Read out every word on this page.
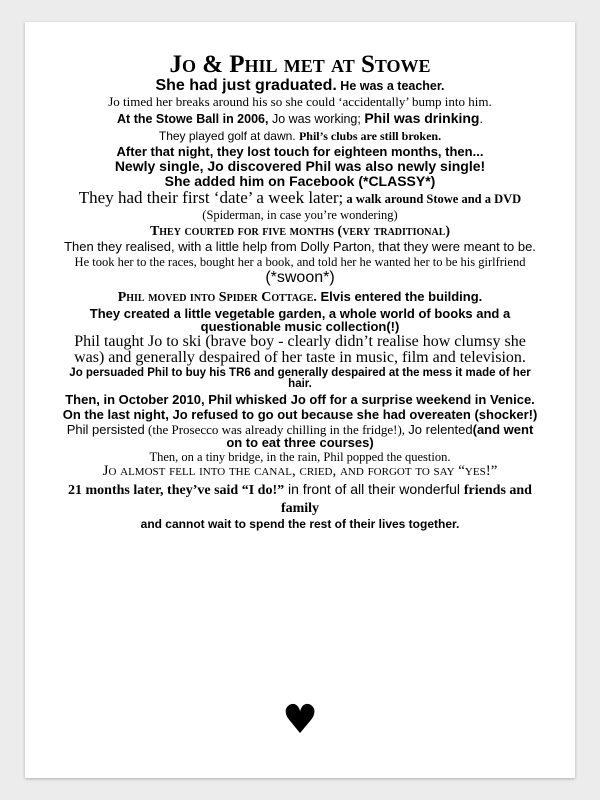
Jo & Phil met at Stowe

She had just graduated. He was a teacher.

Jo timed her breaks around his so she could ‘accidentally’ bump into him.

At the Stowe Ball in 2006, Jo was working; Phil was drinking.

They played golf at dawn. Phil’s clubs are still broken.

After that night, they lost touch for eighteen months, then...

Newly single, Jo discovered Phil was also newly single!

She added him on Facebook (*CLASSY*)

They had their first ‘date’ a week later; a walk around Stowe and a DVD (Spiderman, in case you’re wondering)

They courted for five months (very traditional)

Then they realised, with a little help from Dolly Parton, that they were meant to be.

He took her to the races, bought her a book, and told her he wanted her to be his girlfriend

(*swoon*)

Phil moved into Spider Cottage. Elvis entered the building.

They created a little vegetable garden, a whole world of books and a questionable music collection(!)

Phil taught Jo to ski (brave boy - clearly didn’t realise how clumsy she was) and generally despaired of her taste in music, film and television.

Jo persuaded Phil to buy his TR6 and generally despaired at the mess it made of her hair.

Then, in October 2010, Phil whisked Jo off for a surprise weekend in Venice.

On the last night, Jo refused to go out because she had overeaten (shocker!)

Phil persisted (the Prosecco was already chilling in the fridge!), Jo relented(and went on to eat three courses)

Then, on a tiny bridge, in the rain, Phil popped the question.

Jo almost fell into the canal, cried, and forgot to say “yes!”

21 months later, they’ve said “I do!” in front of all their wonderful friends and family

and cannot wait to spend the rest of their lives together.

♥
